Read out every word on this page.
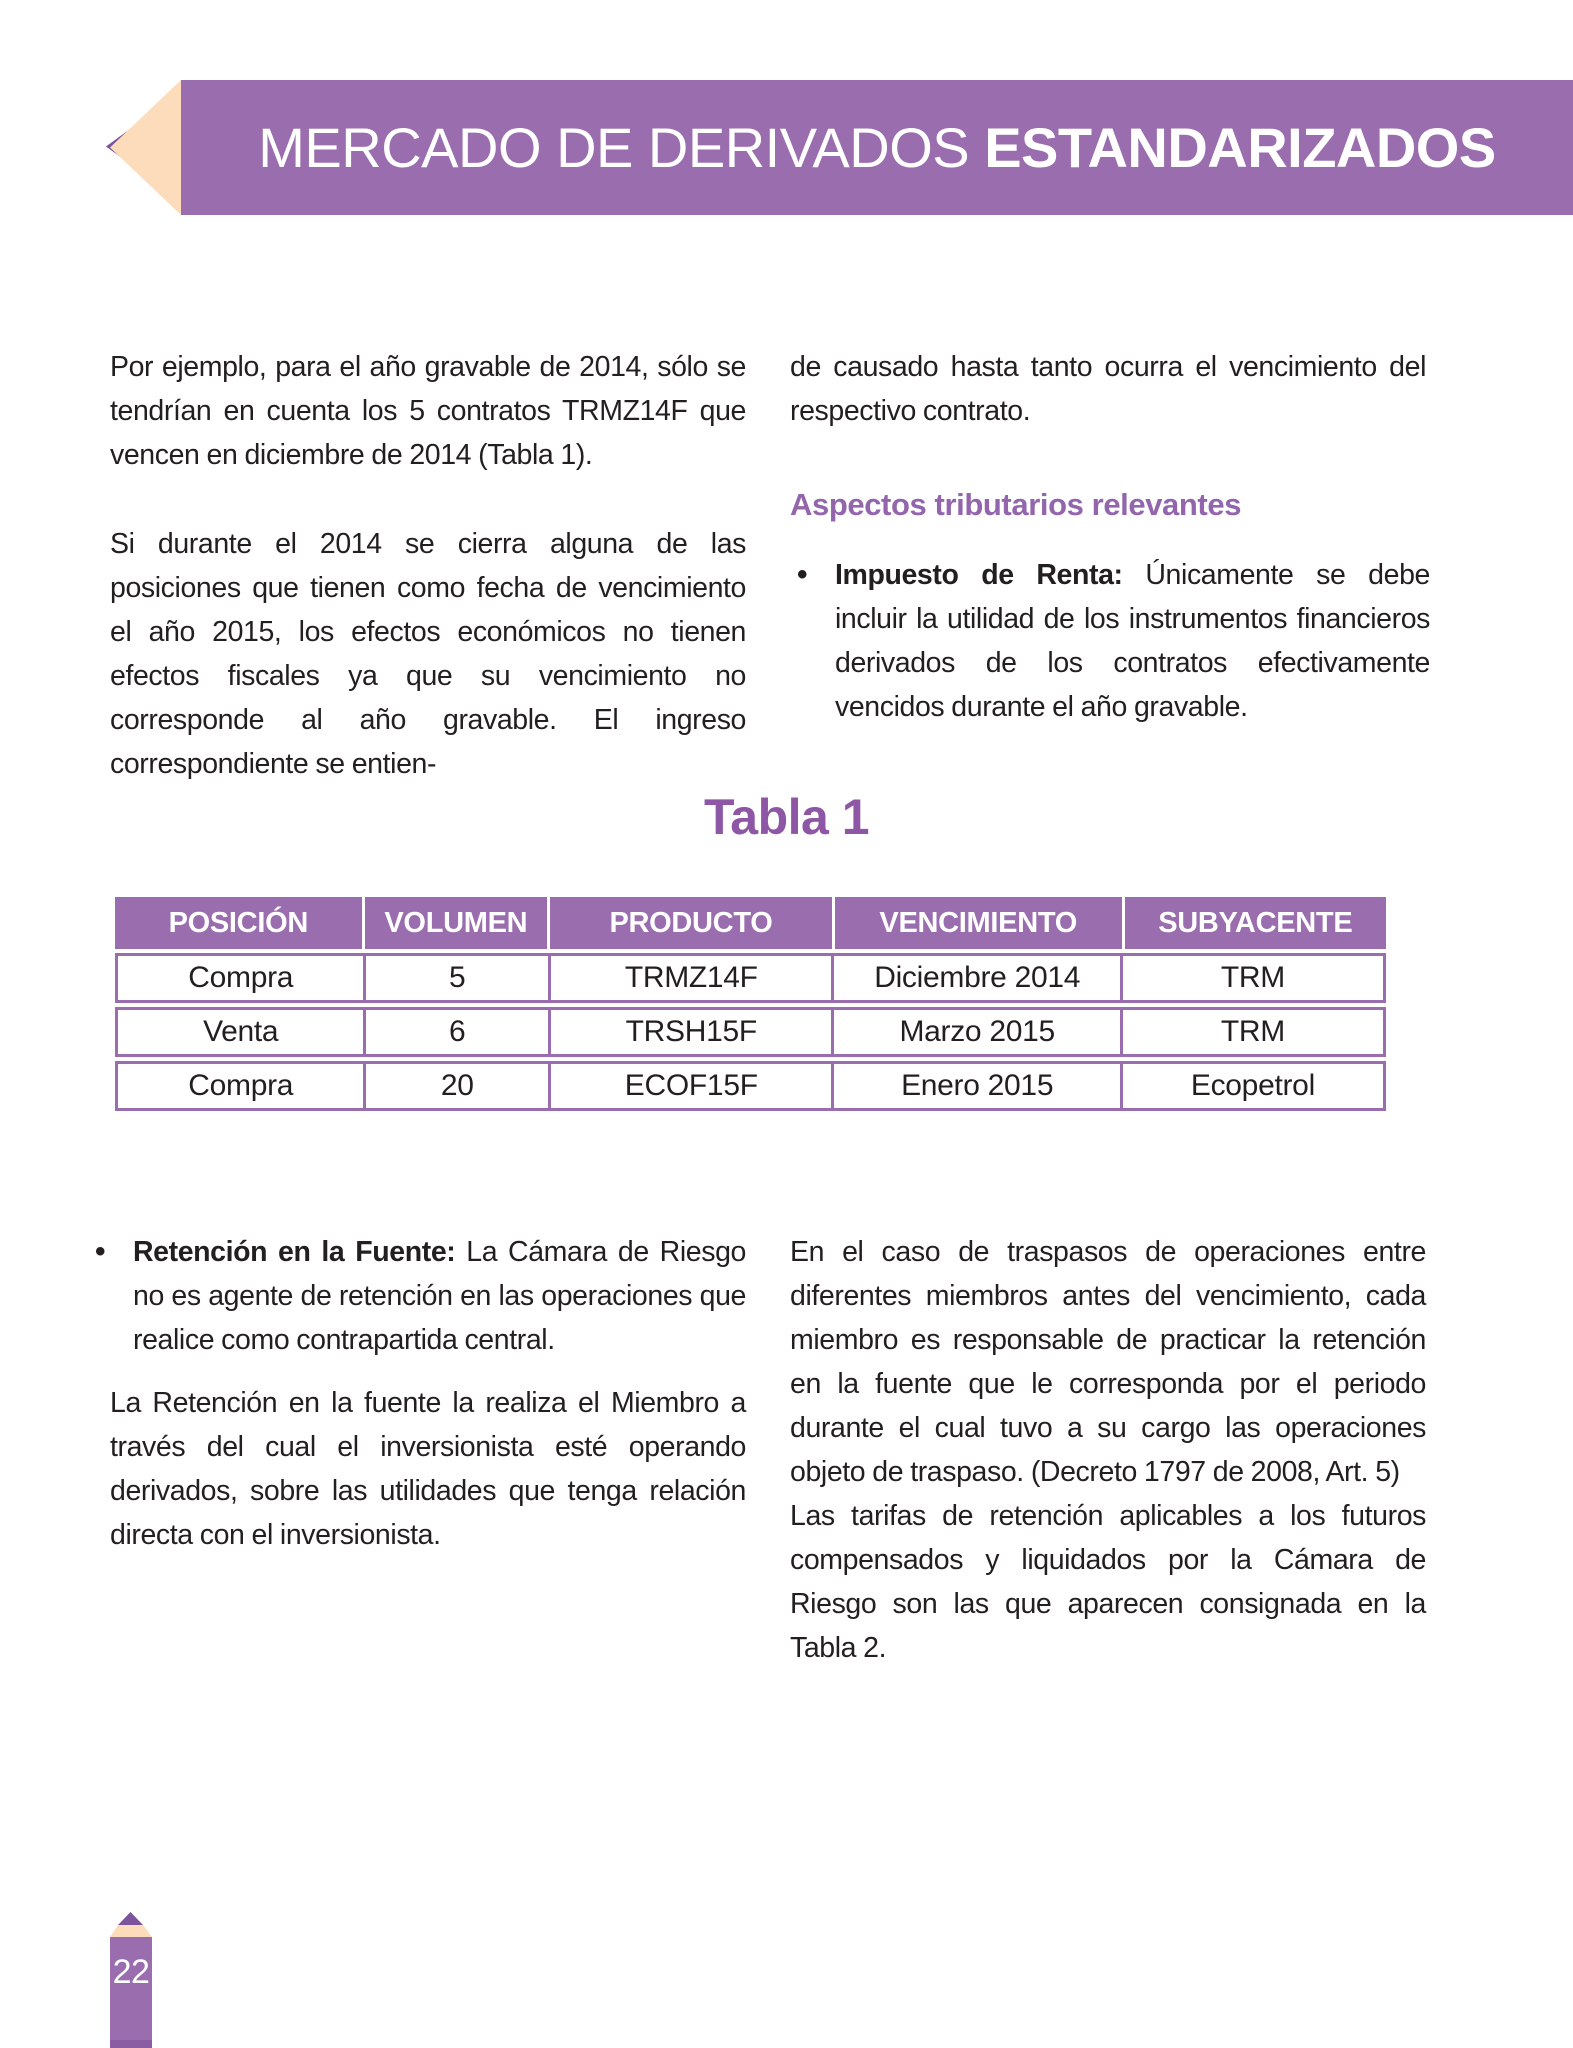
MERCADO DE DERIVADOS ESTANDARIZADOS

Por ejemplo, para el año gravable de 2014, sólo se tendrían en cuenta los 5 contratos TRMZ14F que vencen en diciembre de 2014 (Tabla 1).

Si durante el 2014 se cierra alguna de las posiciones que tienen como fecha de vencimiento el año 2015, los efectos económicos no tienen efectos fiscales ya que su vencimiento no corresponde al año gravable. El ingreso correspondiente se entien-

de causado hasta tanto ocurra el vencimiento del respectivo contrato.

Aspectos tributarios relevantes
• Impuesto de Renta: Únicamente se debe incluir la utilidad de los instrumentos financieros derivados de los contratos efectivamente vencidos durante el año gravable.

Tabla 1
POSICIÓN	VOLUMEN	PRODUCTO	VENCIMIENTO	SUBYACENTE
Compra	5	TRMZ14F	Diciembre 2014	TRM
Venta	6	TRSH15F	Marzo 2015	TRM
Compra	20	ECOF15F	Enero 2015	Ecopetrol
• Retención en la Fuente: La Cámara de Riesgo no es agente de retención en las operaciones que realice como contrapartida central.

La Retención en la fuente la realiza el Miembro a través del cual el inversionista esté operando derivados, sobre las utilidades que tenga relación directa con el inversionista.

En el caso de traspasos de operaciones entre diferentes miembros antes del vencimiento, cada miembro es responsable de practicar la retención en la fuente que le corresponda por el periodo durante el cual tuvo a su cargo las operaciones objeto de traspaso. (Decreto 1797 de 2008, Art. 5)

Las tarifas de retención aplicables a los futuros compensados y liquidados por la Cámara de Riesgo son las que aparecen consignada en la Tabla 2.

22
